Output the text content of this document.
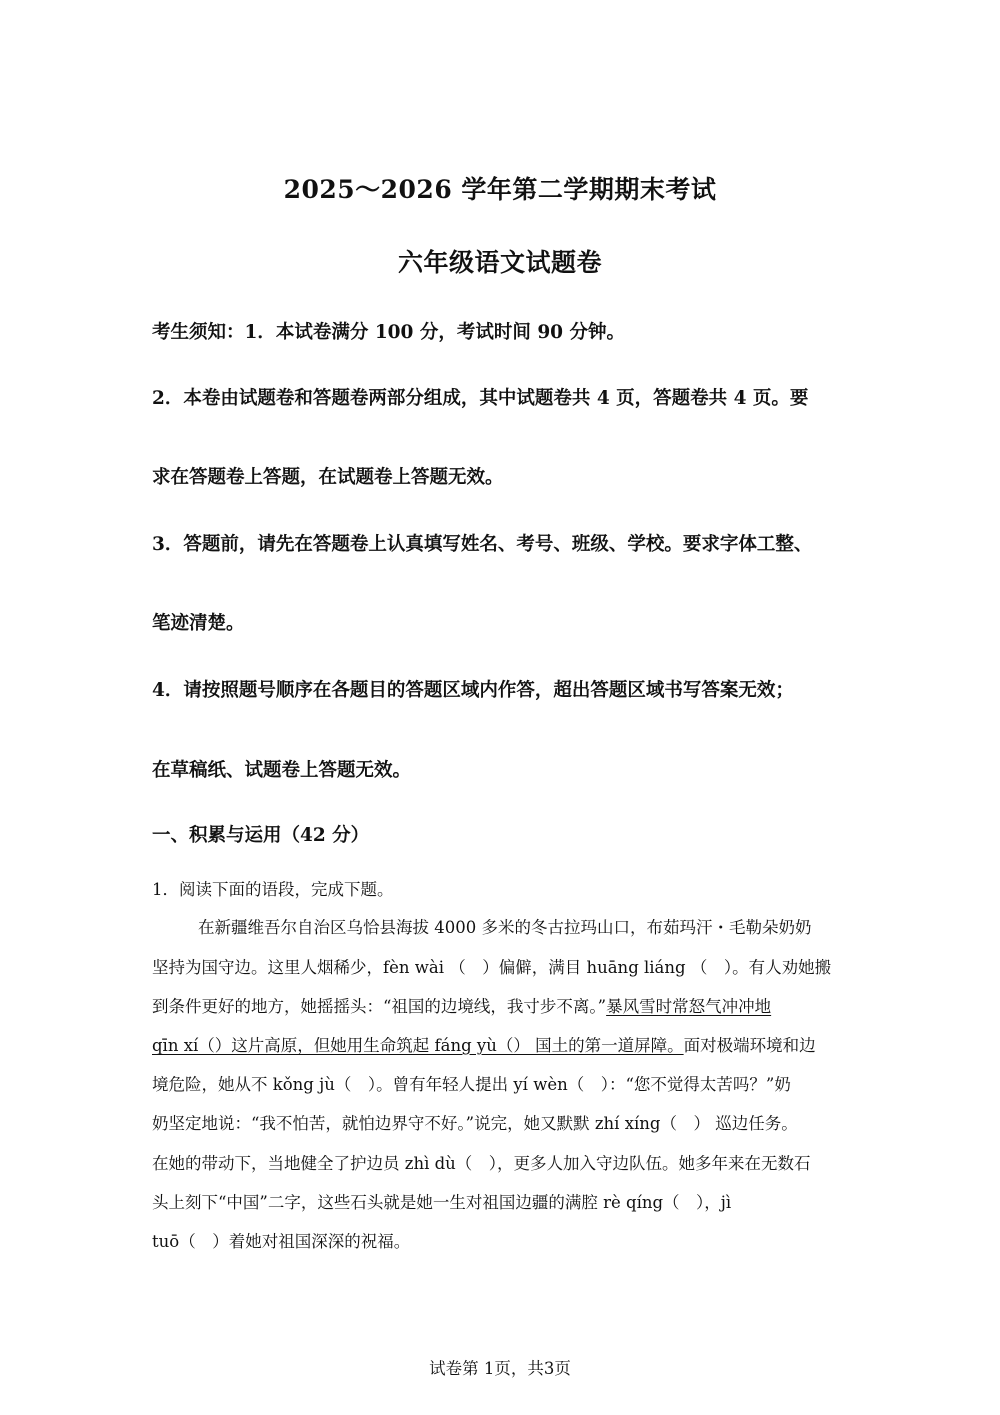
2025～2026 学年第二学期期末考试
六年级语文试题卷
考生须知：1．本试卷满分 100 分，考试时间 90 分钟。
2．本卷由试题卷和答题卷两部分组成，其中试题卷共 4 页，答题卷共 4 页。要
求在答题卷上答题，在试题卷上答题无效。
3．答题前，请先在答题卷上认真填写姓名、考号、班级、学校。要求字体工整、
笔迹清楚。
4．请按照题号顺序在各题目的答题区域内作答，超出答题区域书写答案无效；
在草稿纸、试题卷上答题无效。
一、积累与运用（42 分）
1．阅读下面的语段，完成下题。
在新疆维吾尔自治区乌恰县海拔 4000 多米的冬古拉玛山口，布茹玛汗・毛勒朵奶奶
坚持为国守边。这里人烟稀少，fèn wài （　）偏僻，满目 huāng liáng （　）。有人劝她搬
到条件更好的地方，她摇摇头：“祖国的边境线，我寸步不离。”暴风雪时常怒气冲冲地
qīn xí（）这片高原，但她用生命筑起 fáng yù（） 国土的第一道屏障。面对极端环境和边
境危险，她从不 kǒng jù（　）。曾有年轻人提出 yí wèn（　）：“您不觉得太苦吗？”奶
奶坚定地说：“我不怕苦，就怕边界守不好。”说完，她又默默 zhí xíng（　） 巡边任务。
在她的带动下，当地健全了护边员 zhì dù（　），更多人加入守边队伍。她多年来在无数石
头上刻下“中国”二字，这些石头就是她一生对祖国边疆的满腔 rè qíng（　），jì
tuō（　）着她对祖国深深的祝福。
试卷第 1页，共3页
